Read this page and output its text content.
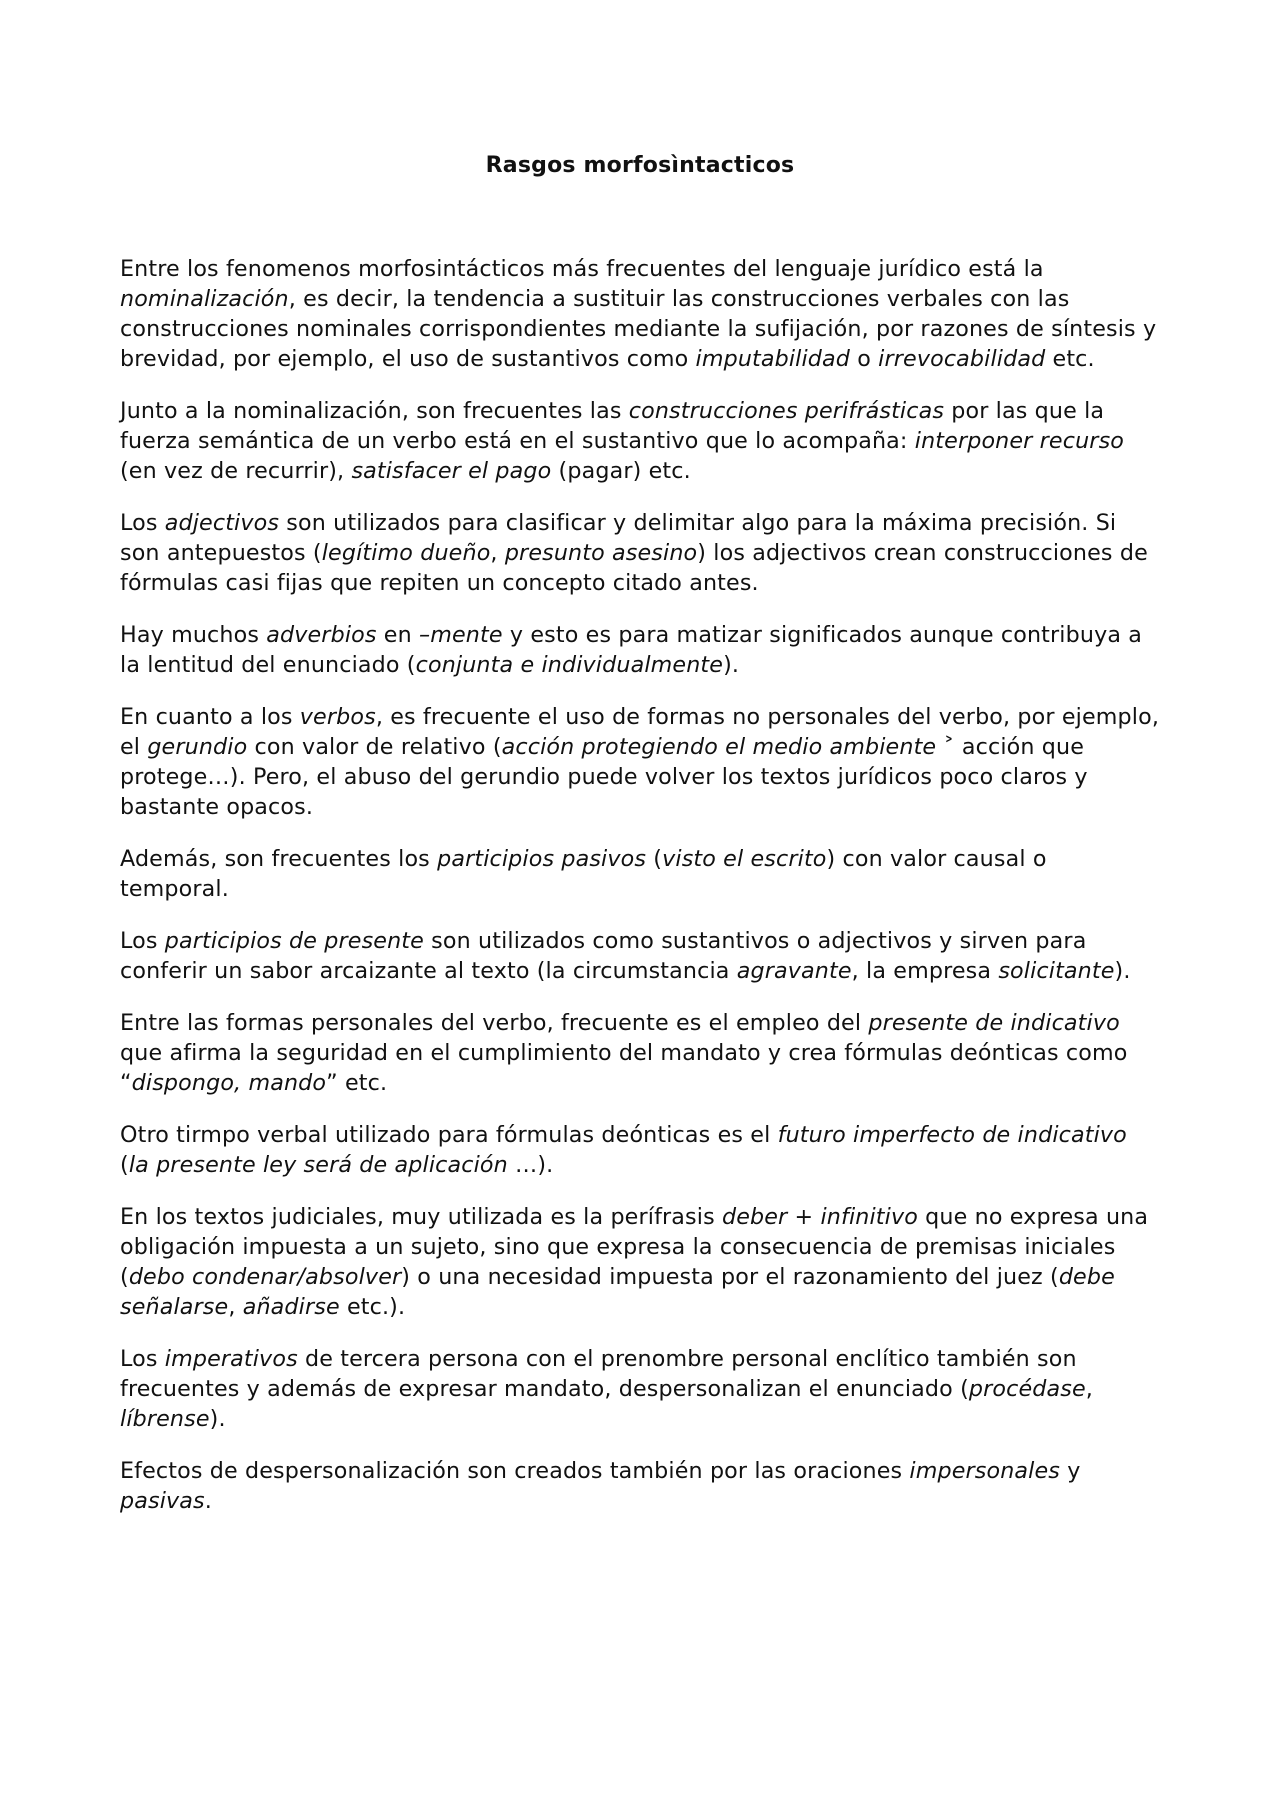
Rasgos morfosìntacticos

Entre los fenomenos morfosintácticos más frecuentes del lenguaje jurídico está la nominalización, es decir, la tendencia a sustituir las construcciones verbales con las construcciones nominales corrispondientes mediante la sufijación, por razones de síntesis y brevidad, por ejemplo, el uso de sustantivos como imputabilidad o irrevocabilidad etc.

Junto a la nominalización, son frecuentes las construcciones perifrásticas por las que la fuerza semántica de un verbo está en el sustantivo que lo acompaña: interponer recurso (en vez de recurrir), satisfacer el pago (pagar) etc.

Los adjectivos son utilizados para clasificar y delimitar algo para la máxima precisión. Si son antepuestos (legítimo dueño, presunto asesino) los adjectivos crean construcciones de fórmulas casi fijas que repiten un concepto citado antes.

Hay muchos adverbios en –mente y esto es para matizar significados aunque contribuya a la lentitud del enunciado (conjunta e individualmente).

En cuanto a los verbos, es frecuente el uso de formas no personales del verbo, por ejemplo, el gerundio con valor de relativo (acción protegiendo el medio ambiente ˃ acción que protege…). Pero, el abuso del gerundio puede volver los textos jurídicos poco claros y bastante opacos.

Además, son frecuentes los participios pasivos (visto el escrito) con valor causal o temporal.

Los participios de presente son utilizados como sustantivos o adjectivos y sirven para conferir un sabor arcaizante al texto (la circumstancia agravante, la empresa solicitante).

Entre las formas personales del verbo, frecuente es el empleo del presente de indicativo que afirma la seguridad en el cumplimiento del mandato y crea fórmulas deónticas como “dispongo, mando” etc.

Otro tirmpo verbal utilizado para fórmulas deónticas es el futuro imperfecto de indicativo (la presente ley será de aplicación …).

En los textos judiciales, muy utilizada es la perífrasis deber + infinitivo que no expresa una obligación impuesta a un sujeto, sino que expresa la consecuencia de premisas iniciales (debo condenar/absolver) o una necesidad impuesta por el razonamiento del juez (debe señalarse, añadirse etc.).

Los imperativos de tercera persona con el prenombre personal enclítico también son frecuentes y además de expresar mandato, despersonalizan el enunciado (procédase, líbrense).

Efectos de despersonalización son creados también por las oraciones impersonales y pasivas.
